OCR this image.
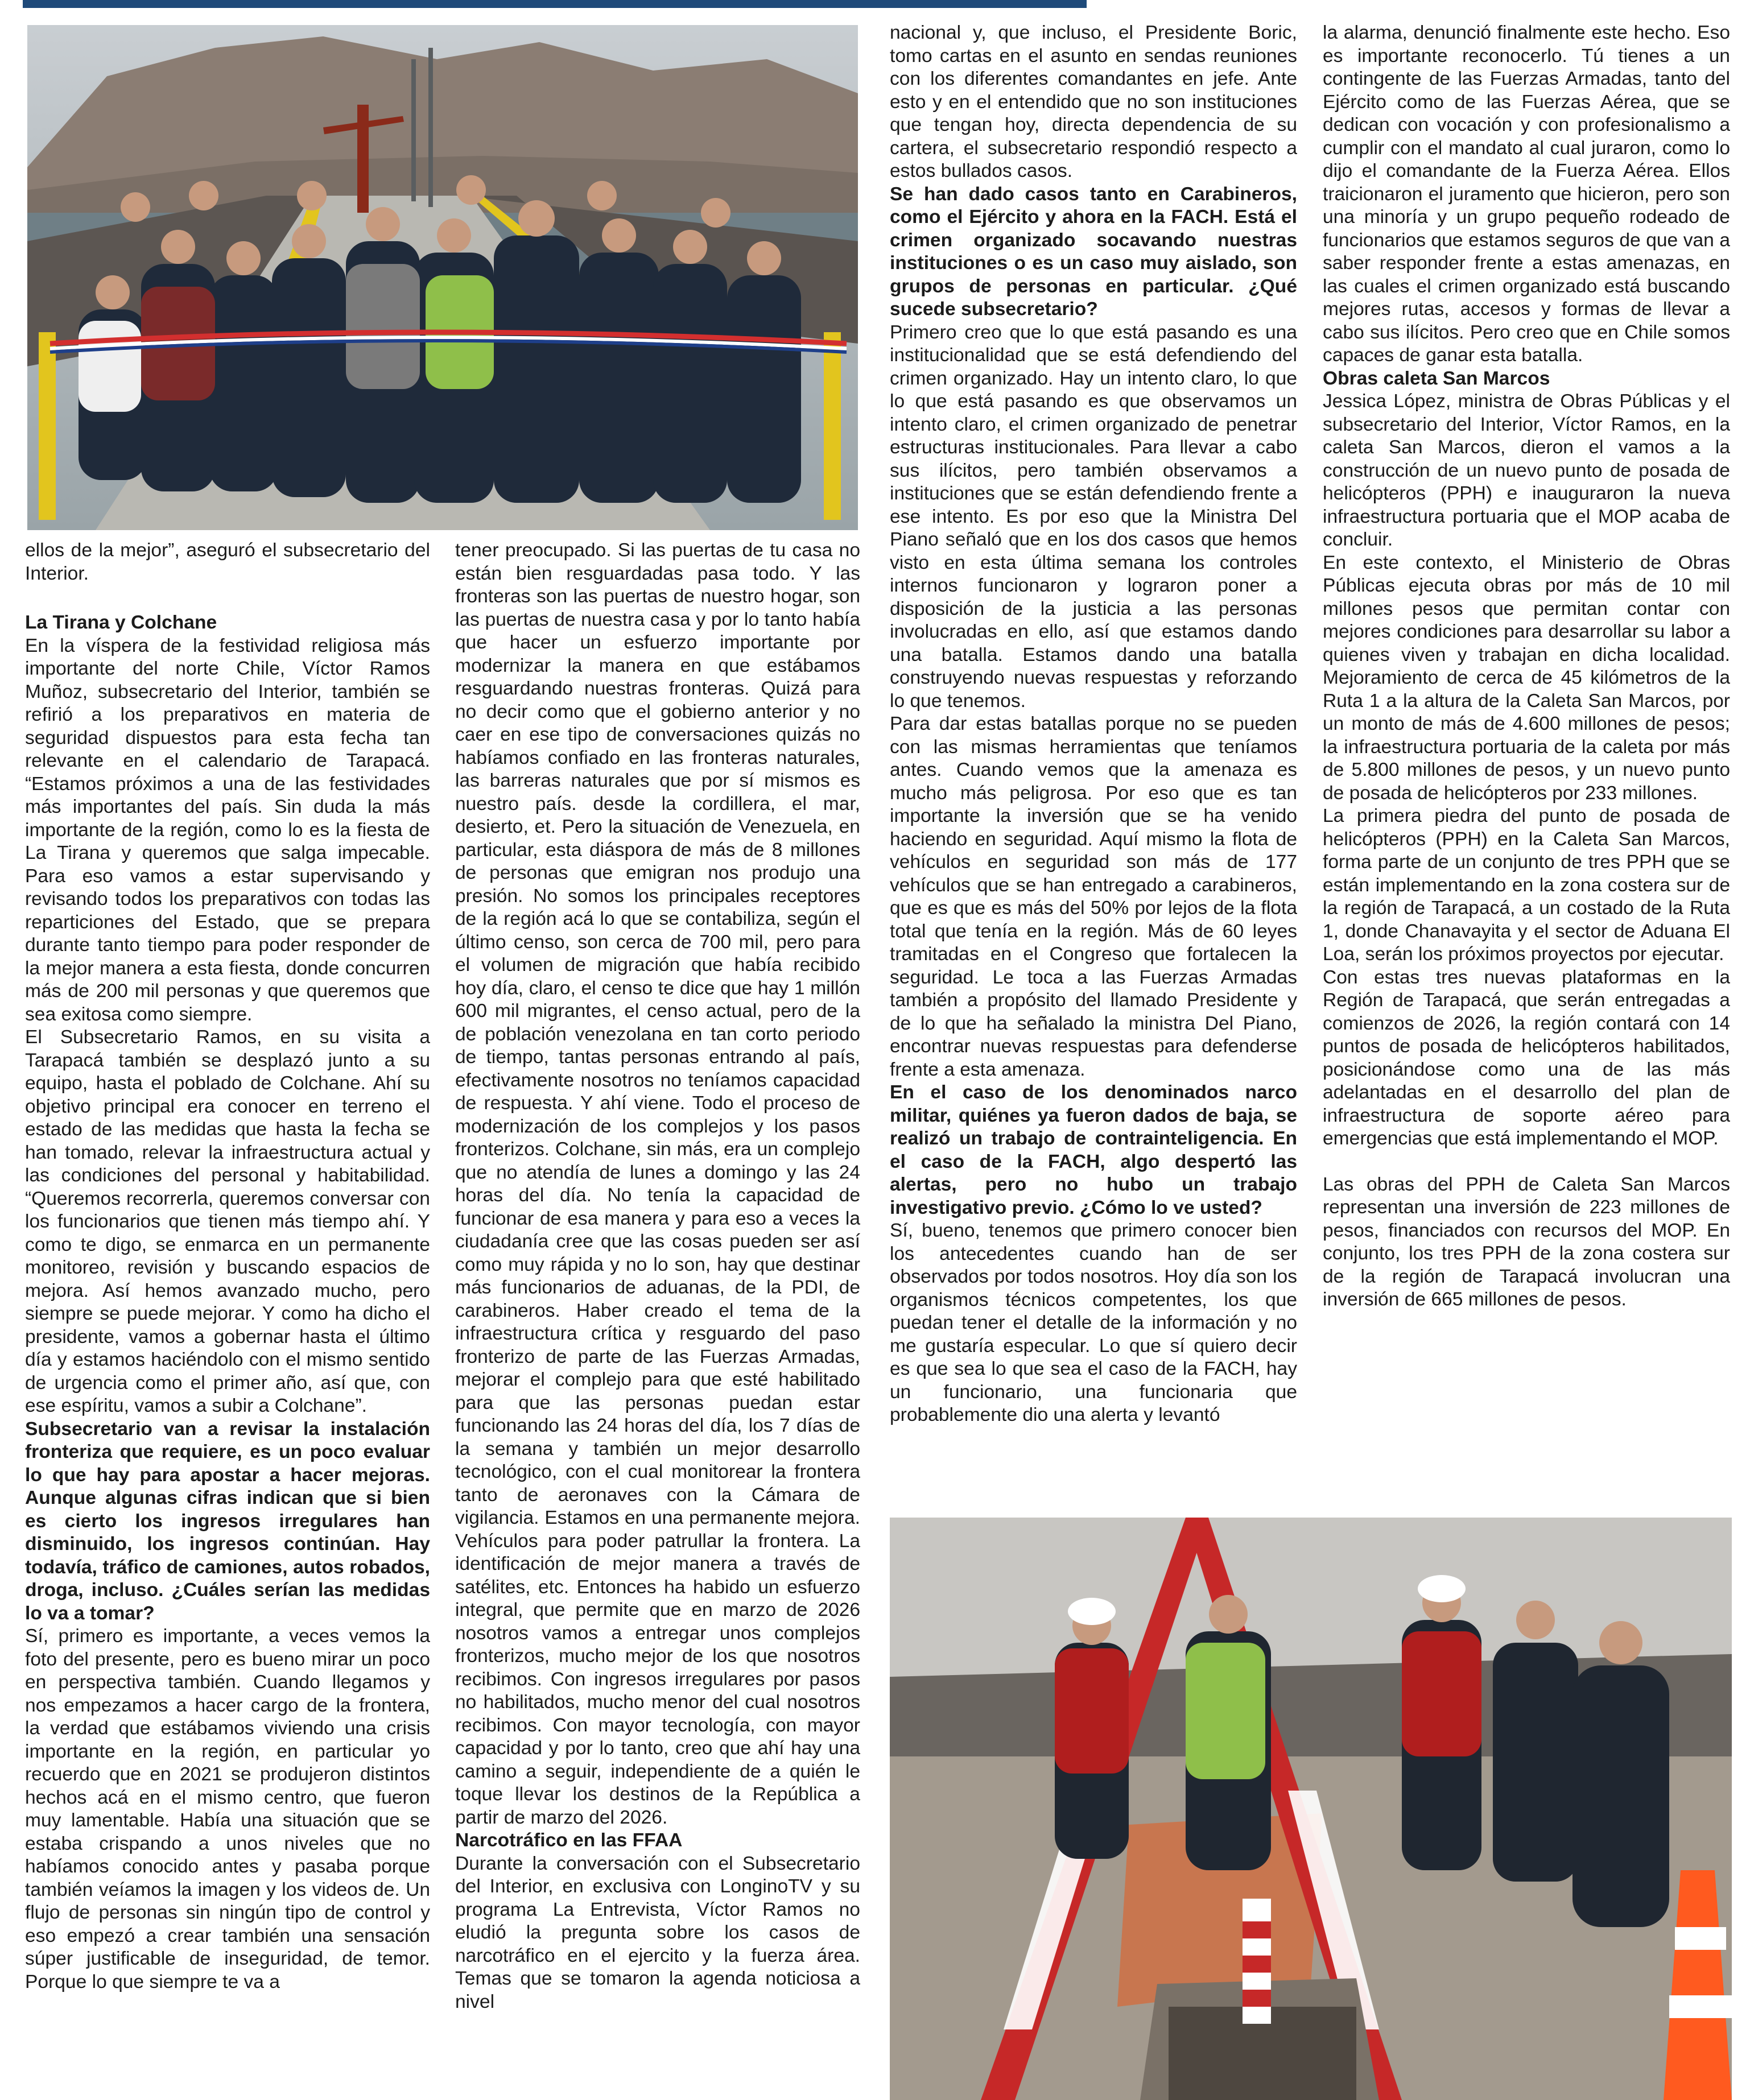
ellos de la mejor”, aseguró el subsecretario del Interior.

La Tirana y Colchane

En la víspera de la festividad religiosa más importante del norte Chile, Víctor Ramos Muñoz, subsecretario del Interior, también se refirió a los preparativos en materia de seguridad dispuestos para esta fecha tan relevante en el calendario de Tarapacá. “Estamos próximos a una de las festividades más importantes del país. Sin duda la más importante de la región, como lo es la fiesta de La Tirana y queremos que salga impecable. Para eso vamos a estar supervisando y revisando todos los preparativos con todas las reparticiones del Estado, que se prepara durante tanto tiempo para poder responder de la mejor manera a esta fiesta, donde concurren más de 200 mil personas y que queremos que sea exitosa como siempre.

El Subsecretario Ramos, en su visita a Tarapacá también se desplazó junto a su equipo, hasta el poblado de Colchane. Ahí su objetivo principal era conocer en terreno el estado de las medidas que hasta la fecha se han tomado, relevar la infraestructura actual y las condiciones del personal y habitabilidad. “Queremos recorrerla, queremos conversar con los funcionarios que tienen más tiempo ahí. Y como te digo, se enmarca en un permanente monitoreo, revisión y buscando espacios de mejora. Así hemos avanzado mucho, pero siempre se puede mejorar. Y como ha dicho el presidente, vamos a gobernar hasta el último día y estamos haciéndolo con el mismo sentido de urgencia como el primer año, así que, con ese espíritu, vamos a subir a Colchane”.

Subsecretario van a revisar la instalación fronteriza que requiere, es un poco evaluar lo que hay para apostar a hacer mejoras. Aunque algunas cifras indican que si bien es cierto los ingresos irregulares han disminuido, los ingresos continúan. Hay todavía, tráfico de camiones, autos robados, droga, incluso. ¿Cuáles serían las medidas lo va a tomar?

Sí, primero es importante, a veces vemos la foto del presente, pero es bueno mirar un poco en perspectiva también. Cuando llegamos y nos empezamos a hacer cargo de la frontera, la verdad que estábamos viviendo una crisis importante en la región, en particular yo recuerdo que en 2021 se produjeron distintos hechos acá en el mismo centro, que fueron muy lamentable. Había una situación que se estaba crispando a unos niveles que no habíamos conocido antes y pasaba porque también veíamos la imagen y los videos de. Un flujo de personas sin ningún tipo de control y eso empezó a crear también una sensación súper justificable de inseguridad, de temor. Porque lo que siempre te va a

tener preocupado. Si las puertas de tu casa no están bien resguardadas pasa todo. Y las fronteras son las puertas de nuestro hogar, son las puertas de nuestra casa y por lo tanto había que hacer un esfuerzo importante por modernizar la manera en que estábamos resguardando nuestras fronteras. Quizá para no decir como que el gobierno anterior y no caer en ese tipo de conversaciones quizás no habíamos confiado en las fronteras naturales, las barreras naturales que por sí mismos es nuestro país. desde la cordillera, el mar, desierto, et. Pero la situación de Venezuela, en particular, esta diáspora de más de 8 millones de personas que emigran nos produjo una presión. No somos los principales receptores de la región acá lo que se contabiliza, según el último censo, son cerca de 700 mil, pero para el volumen de migración que había recibido hoy día, claro, el censo te dice que hay 1 millón 600 mil migrantes, el censo actual, pero de la de población venezolana en tan corto periodo de tiempo, tantas personas entrando al país, efectivamente nosotros no teníamos capacidad de respuesta. Y ahí viene. Todo el proceso de modernización de los complejos y los pasos fronterizos. Colchane, sin más, era un complejo que no atendía de lunes a domingo y las 24 horas del día. No tenía la capacidad de funcionar de esa manera y para eso a veces la ciudadanía cree que las cosas pueden ser así como muy rápida y no lo son, hay que destinar más funcionarios de aduanas, de la PDI, de carabineros. Haber creado el tema de la infraestructura crítica y resguardo del paso fronterizo de parte de las Fuerzas Armadas, mejorar el complejo para que esté habilitado para que las personas puedan estar funcionando las 24 horas del día, los 7 días de la semana y también un mejor desarrollo tecnológico, con el cual monitorear la frontera tanto de aeronaves con la Cámara de vigilancia. Estamos en una permanente mejora. Vehículos para poder patrullar la frontera. La identificación de mejor manera a través de satélites, etc. Entonces ha habido un esfuerzo integral, que permite que en marzo de 2026 nosotros vamos a entregar unos complejos fronterizos, mucho mejor de los que nosotros recibimos. Con ingresos irregulares por pasos no habilitados, mucho menor del cual nosotros recibimos. Con mayor tecnología, con mayor capacidad y por lo tanto, creo que ahí hay una camino a seguir, independiente de a quién le toque llevar los destinos de la República a partir de marzo del 2026.

Narcotráfico en las FFAA

Durante la conversación con el Subsecretario del Interior, en exclusiva con LonginoTV y su programa La Entrevista, Víctor Ramos no eludió la pregunta sobre los casos de narcotráfico en el ejercito y la fuerza área. Temas que se tomaron la agenda noticiosa a nivel

nacional y, que incluso, el Presidente Boric, tomo cartas en el asunto en sendas reuniones con los diferentes comandantes en jefe. Ante esto y en el entendido que no son instituciones que tengan hoy, directa dependencia de su cartera, el subsecretario respondió respecto a estos bullados casos.

Se han dado casos tanto en Carabineros, como el Ejército y ahora en la FACH. Está el crimen organizado socavando nuestras instituciones o es un caso muy aislado, son grupos de personas en particular. ¿Qué sucede subsecretario?

Primero creo que lo que está pasando es una institucionalidad que se está defendiendo del crimen organizado. Hay un intento claro, lo que lo que está pasando es que observamos un intento claro, el crimen organizado de penetrar estructuras institucionales. Para llevar a cabo sus ilícitos, pero también observamos a instituciones que se están defendiendo frente a ese intento. Es por eso que la Ministra Del Piano señaló que en los dos casos que hemos visto en esta última semana los controles internos funcionaron y lograron poner a disposición de la justicia a las personas involucradas en ello, así que estamos dando una batalla. Estamos dando una batalla construyendo nuevas respuestas y reforzando lo que tenemos.

Para dar estas batallas porque no se pueden con las mismas herramientas que teníamos antes. Cuando vemos que la amenaza es mucho más peligrosa. Por eso que es tan importante la inversión que se ha venido haciendo en seguridad. Aquí mismo la flota de vehículos en seguridad son más de 177 vehículos que se han entregado a carabineros, que es que es más del 50% por lejos de la flota total que tenía en la región. Más de 60 leyes tramitadas en el Congreso que fortalecen la seguridad. Le toca a las Fuerzas Armadas también a propósito del llamado Presidente y de lo que ha señalado la ministra Del Piano, encontrar nuevas respuestas para defenderse frente a esta amenaza.

En el caso de los denominados narco militar, quiénes ya fueron dados de baja, se realizó un trabajo de contrainteligencia. En el caso de la FACH, algo despertó las alertas, pero no hubo un trabajo investigativo previo. ¿Cómo lo ve usted?

Sí, bueno, tenemos que primero conocer bien los antecedentes cuando han de ser observados por todos nosotros. Hoy día son los organismos técnicos competentes, los que puedan tener el detalle de la información y no me gustaría especular. Lo que sí quiero decir es que sea lo que sea el caso de la FACH, hay un funcionario, una funcionaria que probablemente dio una alerta y levantó

la alarma, denunció finalmente este hecho. Eso es importante reconocerlo. Tú tienes a un contingente de las Fuerzas Armadas, tanto del Ejército como de las Fuerzas Aérea, que se dedican con vocación y con profesionalismo a cumplir con el mandato al cual juraron, como lo dijo el comandante de la Fuerza Aérea. Ellos traicionaron el juramento que hicieron, pero son una minoría y un grupo pequeño rodeado de funcionarios que estamos seguros de que van a saber responder frente a estas amenazas, en las cuales el crimen organizado está buscando mejores rutas, accesos y formas de llevar a cabo sus ilícitos. Pero creo que en Chile somos capaces de ganar esta batalla.

Obras caleta San Marcos

Jessica López, ministra de Obras Públicas y el subsecretario del Interior, Víctor Ramos, en la caleta San Marcos, dieron el vamos a la construcción de un nuevo punto de posada de helicópteros (PPH) e inauguraron la nueva infraestructura portuaria que el MOP acaba de concluir.

En este contexto, el Ministerio de Obras Públicas ejecuta obras por más de 10 mil millones pesos que permitan contar con mejores condiciones para desarrollar su labor a quienes viven y trabajan en dicha localidad. Mejoramiento de cerca de 45 kilómetros de la Ruta 1 a la altura de la Caleta San Marcos, por un monto de más de 4.600 millones de pesos; la infraestructura portuaria de la caleta por más de 5.800 millones de pesos, y un nuevo punto de posada de helicópteros por 233 millones.

La primera piedra del punto de posada de helicópteros (PPH) en la Caleta San Marcos, forma parte de un conjunto de tres PPH que se están implementando en la zona costera sur de la región de Tarapacá, a un costado de la Ruta 1, donde Chanavayita y el sector de Aduana El Loa, serán los próximos proyectos por ejecutar.

Con estas tres nuevas plataformas en la Región de Tarapacá, que serán entregadas a comienzos de 2026, la región contará con 14 puntos de posada de helicópteros habilitados, posicionándose como una de las más adelantadas en el desarrollo del plan de infraestructura de soporte aéreo para emergencias que está implementando el MOP.

Las obras del PPH de Caleta San Marcos representan una inversión de 223 millones de pesos, financiados con recursos del MOP. En conjunto, los tres PPH de la zona costera sur de la región de Tarapacá involucran una inversión de 665 millones de pesos.
